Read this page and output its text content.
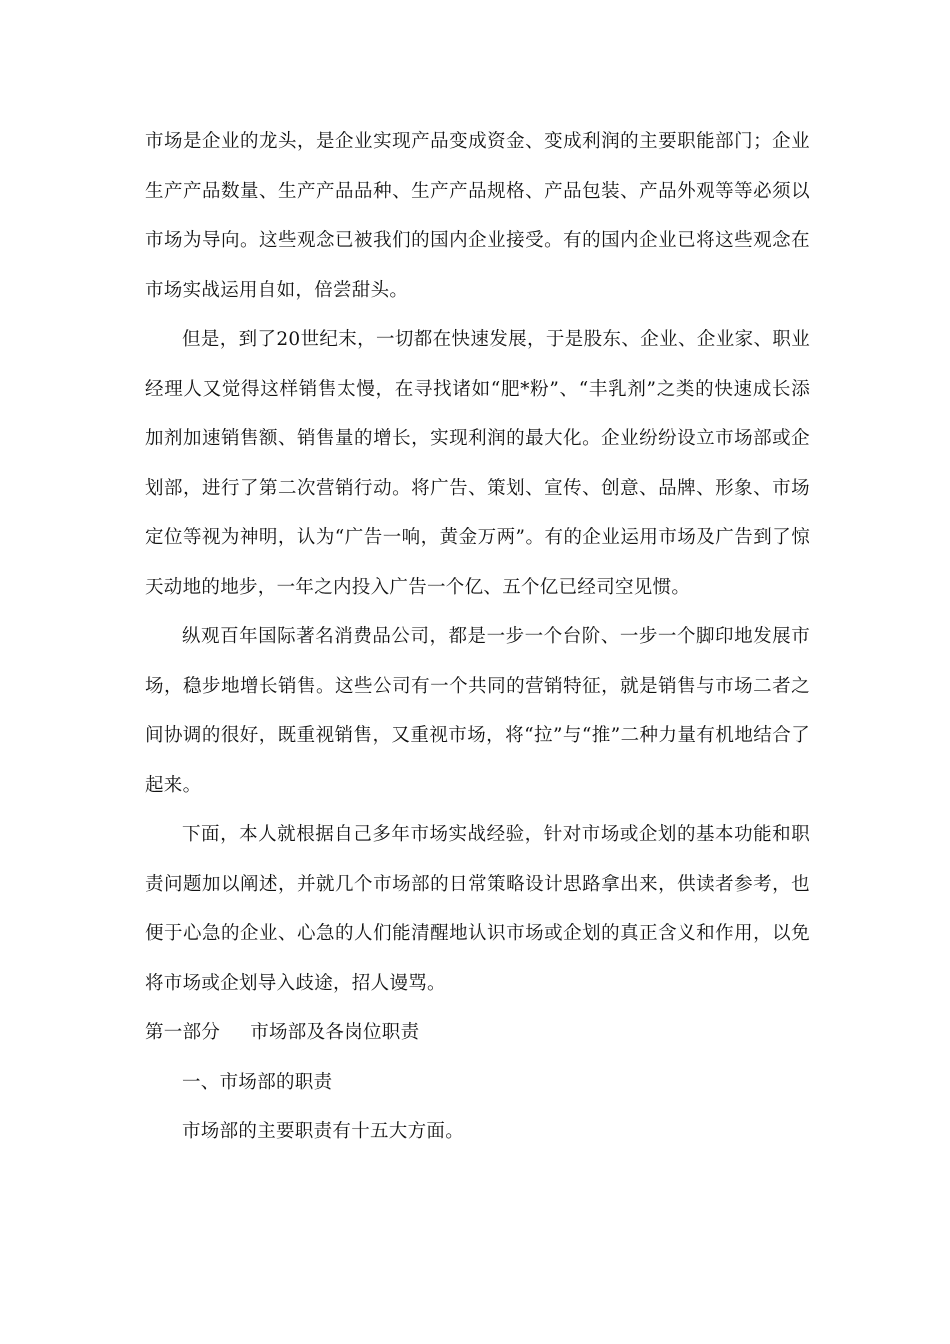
市场是企业的龙头，是企业实现产品变成资金、变成利润的主要职能部门；企业生产产品数量、生产产品品种、生产产品规格、产品包装、产品外观等等必须以市场为导向。这些观念已被我们的国内企业接受。有的国内企业已将这些观念在市场实战运用自如，倍尝甜头。

但是，到了20世纪末，一切都在快速发展，于是股东、企业、企业家、职业经理人又觉得这样销售太慢，在寻找诸如“肥*粉”、“丰乳剂”之类的快速成长添加剂加速销售额、销售量的增长，实现利润的最大化。企业纷纷设立市场部或企划部，进行了第二次营销行动。将广告、策划、宣传、创意、品牌、形象、市场定位等视为神明，认为“广告一响，黄金万两”。有的企业运用市场及广告到了惊天动地的地步，一年之内投入广告一个亿、五个亿已经司空见惯。

纵观百年国际著名消费品公司，都是一步一个台阶、一步一个脚印地发展市场，稳步地增长销售。这些公司有一个共同的营销特征，就是销售与市场二者之间协调的很好，既重视销售，又重视市场，将“拉”与“推”二种力量有机地结合了起来。

下面，本人就根据自己多年市场实战经验，针对市场或企划的基本功能和职责问题加以阐述，并就几个市场部的日常策略设计思路拿出来，供读者参考，也便于心急的企业、心急的人们能清醒地认识市场或企划的真正含义和作用，以免将市场或企划导入歧途，招人谩骂。

第一部分 市场部及各岗位职责

一、市场部的职责

市场部的主要职责有十五大方面。
